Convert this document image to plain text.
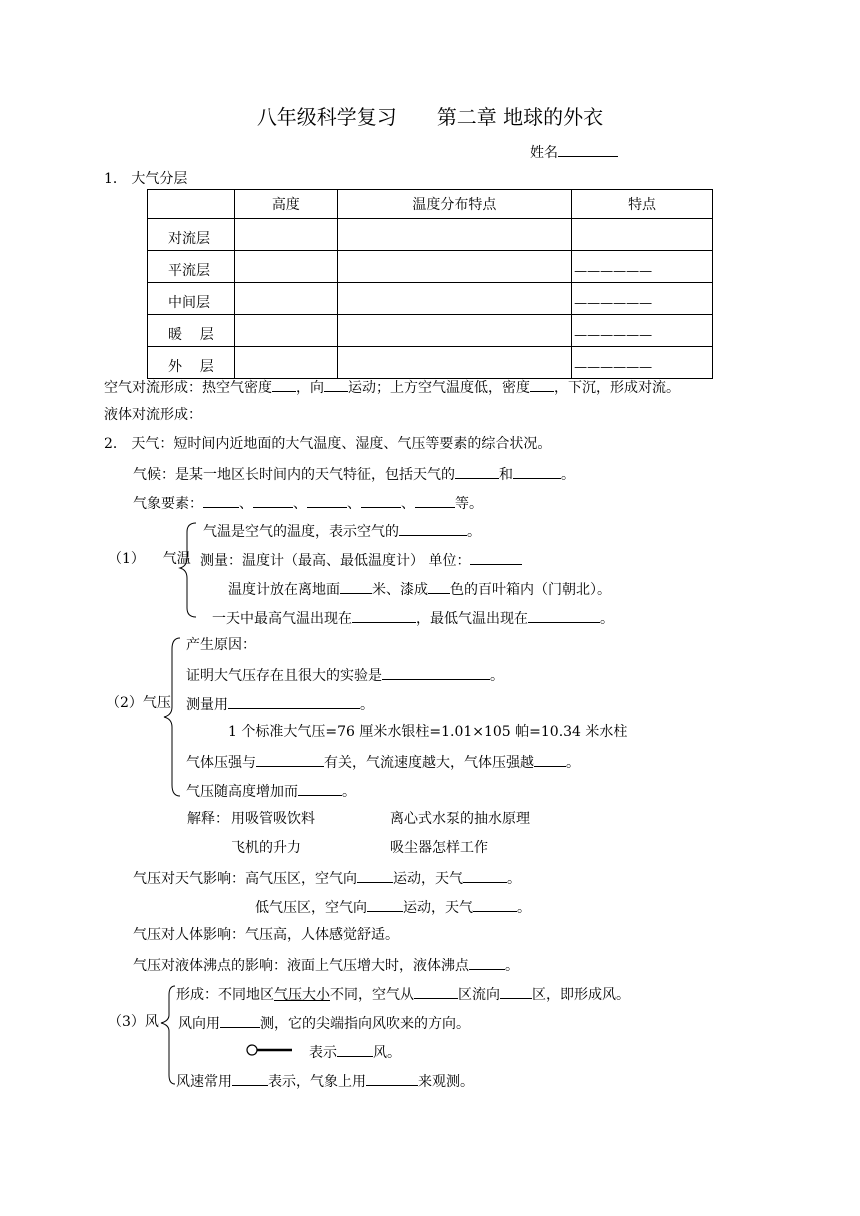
八年级科学复习 第二章 地球的外衣
姓名
1． 大气分层
	高度	温度分布特点	特点
对流层			
平流层			——————
中间层			——————
暖    层			——————
外    层			——————
空气对流形成：热空气密度 ，向 运动；上方空气温度低，密度 ，下沉，形成对流。
液体对流形成：
2． 天气：短时间内近地面的大气温度、湿度、气压等要素的综合状况。
气候：是某一地区长时间内的天气特征，包括天气的	和	。
气象要素：	、	、	、	、	等。
（1）    气温
气温是空气的温度，表示空气的	。
测量：温度计（最高、最低温度计） 单位：
温度计放在离地面 米、漆成 色的百叶箱内（门朝北）。
一天中最高气温出现在	，最低气温出现在	。
（2）气压
产生原因：
证明大气压存在且很大的实验是	。
测量用	。
1 个标准大气压=76 厘米水银柱=1.01×105 帕=10.34 米水柱
气体压强与	有关，气流速度越大，气体压强越 。
气压随高度增加而	。
解释： 用吸管吸饮料	离心式水泵的抽水原理
飞机的升力	吸尘器怎样工作
气压对天气影响：高气压区，空气向	运动，天气	。
低气压区，空气向	运动，天气	。
气压对人体影响：气压高，人体感觉舒适。
气压对液体沸点的影响：液面上气压增大时，液体沸点	。
（3）风
形成：不同地区气压大小不同，空气从	区流向 区，即形成风。
风向用	测，它的尖端指向风吹来的方向。
表示	风。
风速常用	表示，气象上用	来观测。
